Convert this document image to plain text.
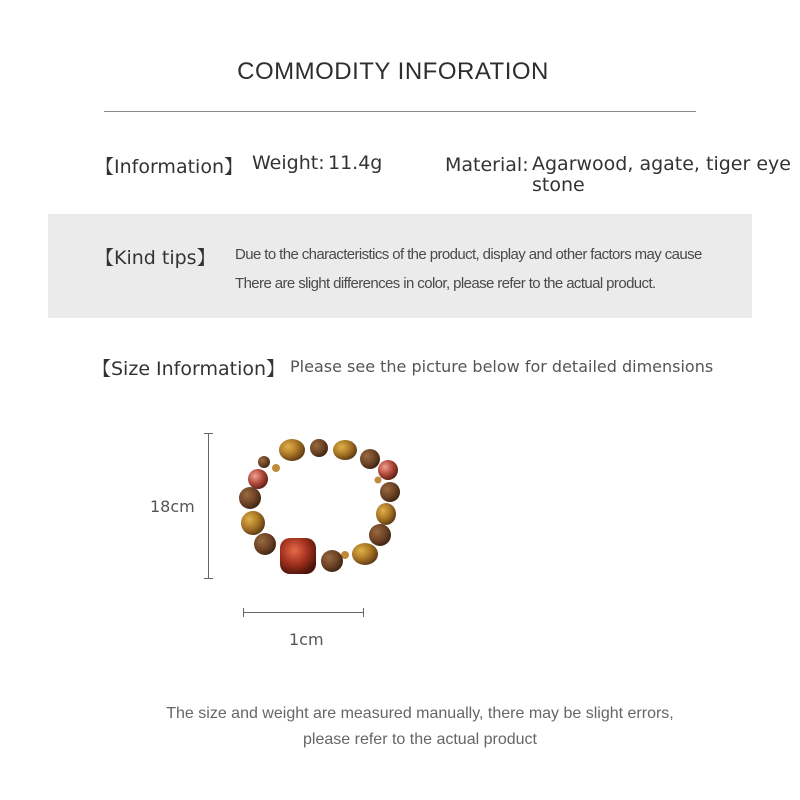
COMMODITY INFORATION
【Information】 Weight: 11.4g	Material: Agarwood, agate, tiger eye stone
【Kind tips】 Due to the characteristics of the product, display and other factors may cause
There are slight differences in color, please refer to the actual product.
【Size Information】 Please see the picture below for detailed dimensions
18cm
1cm
The size and weight are measured manually, there may be slight errors,
please refer to the actual product
